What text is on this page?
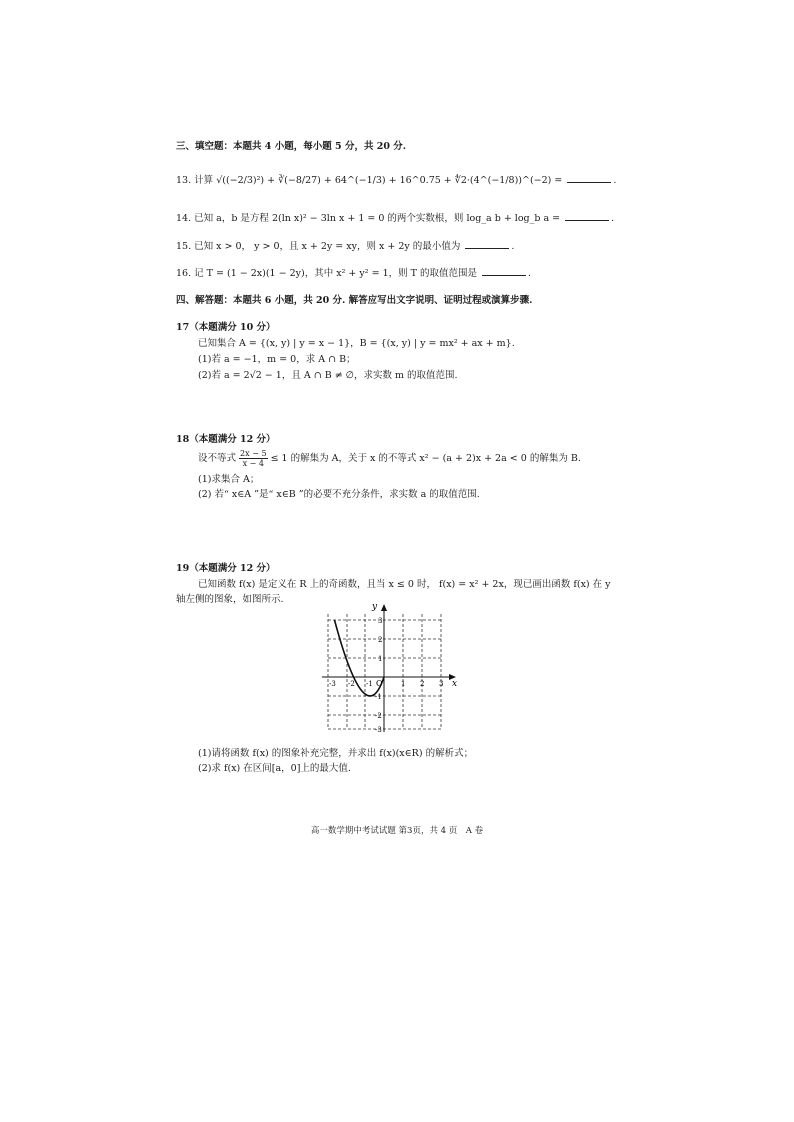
三、填空题：本题共 4 小题，每小题 5 分，共 20 分.
13. 计算 √((−2/3)²) + ∛(−8/27) + 64^(−1/3) + 16^0.75 + ∜2·(4^(−1/8))^(−2) =	.
14. 已知 a，b 是方程 2(ln x)² − 3ln x + 1 = 0 的两个实数根，则 log_a b + log_b a =	.
15. 已知 x > 0， y > 0，且 x + 2y = xy，则 x + 2y 的最小值为	.
16. 记 T = (1 − 2x)(1 − 2y)，其中 x² + y² = 1，则 T 的取值范围是	.
四、解答题：本题共 6 小题，共 20 分. 解答应写出文字说明、证明过程或演算步骤.
17（本题满分 10 分）
已知集合 A = {(x, y) | y = x − 1}，B = {(x, y) | y = mx² + ax + m}.
(1)若 a = −1，m = 0，求 A ∩ B；
(2)若 a = 2√2 − 1，且 A ∩ B ≠ ∅，求实数 m 的取值范围.
18（本题满分 12 分）
设不等式 $\frac{2x - 5}{x - 4} \le 1$ 的解集为 A，关于 x 的不等式 x² − (a + 2)x + 2a < 0 的解集为 B.
(1)求集合 A；
(2) 若“ x∈A ”是“ x∈B ”的必要不充分条件，求实数 a 的取值范围.
19（本题满分 12 分）
已知函数 f(x) 是定义在 R 上的奇函数，且当 x ≤ 0 时， f(x) = x² + 2x，现已画出函数 f(x) 在 y
轴左侧的图象，如图所示.
x
y
O
-3 -2 -1	1 2 3
3
2
1
-1
-2
-3
(1)请将函数 f(x) 的图象补充完整，并求出 f(x)(x∈R) 的解析式；
(2)求 f(x) 在区间[a，0]上的最大值.
高一数学期中考试试题 第3页，共 4 页　A 卷
